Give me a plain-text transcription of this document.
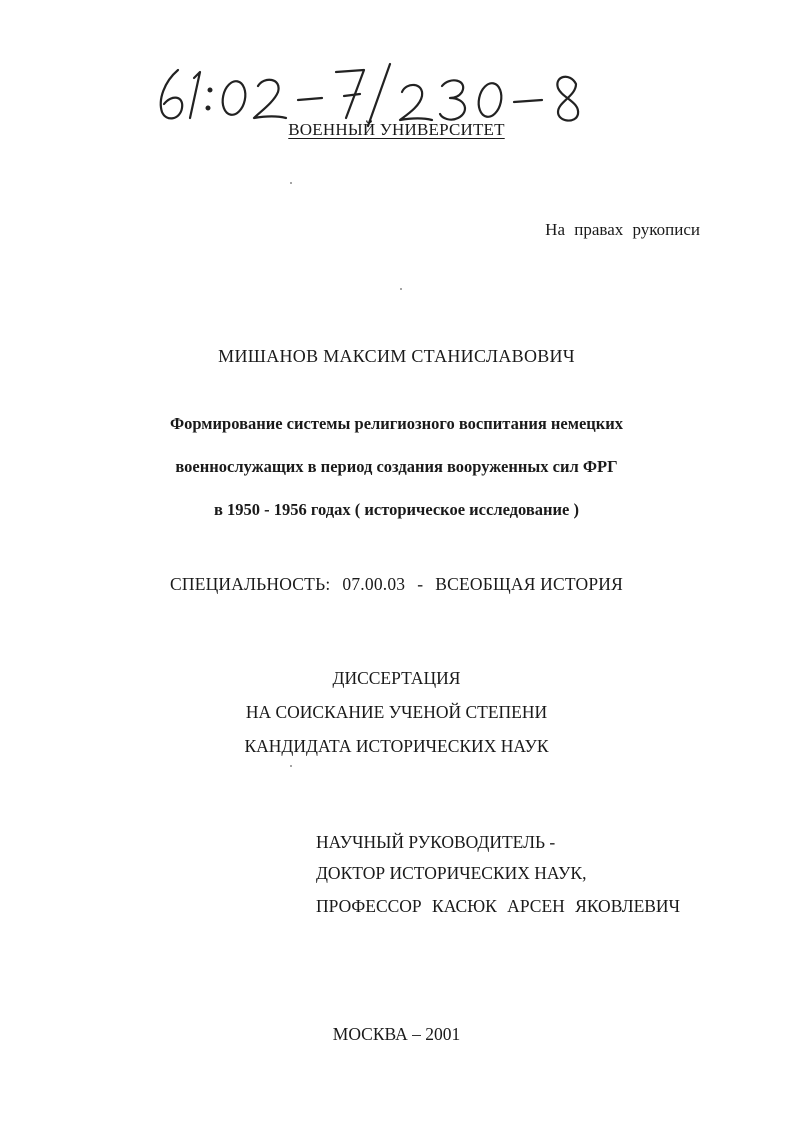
ВОЕННЫЙ УНИВЕРСИТЕТ
На правах рукописи
МИШАНОВ МАКСИМ СТАНИСЛАВОВИЧ
Формирование системы религиозного воспитания немецких
военнослужащих в период создания вооруженных сил ФРГ
в 1950 - 1956 годах ( историческое исследование )
СПЕЦИАЛЬНОСТЬ: 07.00.03 - ВСЕОБЩАЯ ИСТОРИЯ
ДИССЕРТАЦИЯ
НА СОИСКАНИЕ УЧЕНОЙ СТЕПЕНИ
КАНДИДАТА ИСТОРИЧЕСКИХ НАУК
НАУЧНЫЙ РУКОВОДИТЕЛЬ -
ДОКТОР ИСТОРИЧЕСКИХ НАУК,
ПРОФЕССОР КАСЮК АРСЕН ЯКОВЛЕВИЧ
МОСКВА – 2001
